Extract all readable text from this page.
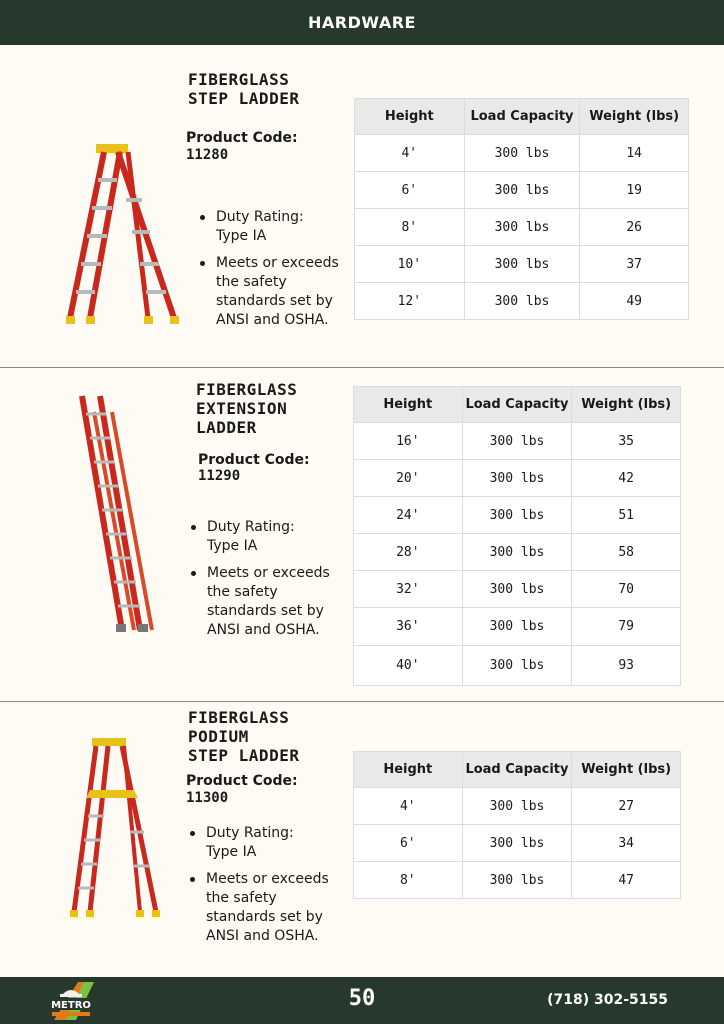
HARDWARE
FIBERGLASS
STEP LADDER
Product Code:
11280
Duty Rating: Type IA
Meets or exceeds the safety standards set by ANSI and OSHA.
Height	Load Capacity	Weight (lbs)
4'	300 lbs	14
6'	300 lbs	19
8'	300 lbs	26
10'	300 lbs	37
12'	300 lbs	49
FIBERGLASS
EXTENSION
LADDER
Product Code:
11290
Duty Rating: Type IA
Meets or exceeds the safety standards set by ANSI and OSHA.
Height	Load Capacity	Weight (lbs)
16'	300 lbs	35
20'	300 lbs	42
24'	300 lbs	51
28'	300 lbs	58
32'	300 lbs	70
36'	300 lbs	79
40'	300 lbs	93
FIBERGLASS
PODIUM
STEP LADDER
Product Code:
11300
Duty Rating: Type IA
Meets or exceeds the safety standards set by ANSI and OSHA.
Height	Load Capacity	Weight (lbs)
4'	300 lbs	27
6'	300 lbs	34
8'	300 lbs	47
METRO	50	(718) 302-5155
